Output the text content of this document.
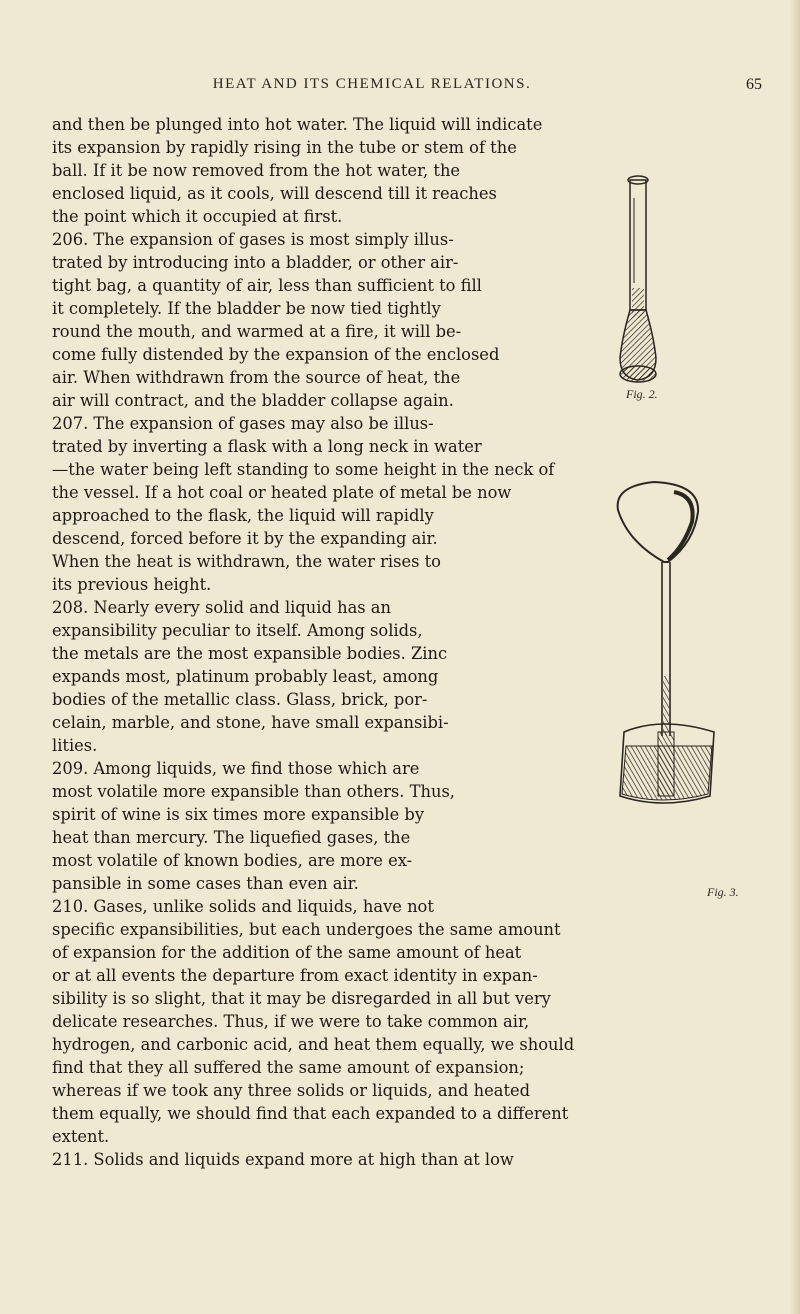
HEAT AND ITS CHEMICAL RELATIONS.	65
and then be plunged into hot water. The liquid will indicate
its expansion by rapidly rising in the tube or stem of the
ball. If it be now removed from the hot water, the
enclosed liquid, as it cools, will descend till it reaches
the point which it occupied at first.
206. The expansion of gases is most simply illus-
trated by introducing into a bladder, or other air-
tight bag, a quantity of air, less than sufficient to fill
it completely. If the bladder be now tied tightly
round the mouth, and warmed at a fire, it will be-
come fully distended by the expansion of the enclosed
air. When withdrawn from the source of heat, the
air will contract, and the bladder collapse again.
207. The expansion of gases may also be illus-
trated by inverting a flask with a long neck in water
—the water being left standing to some height in the neck of
the vessel. If a hot coal or heated plate of metal be now
approached to the flask, the liquid will rapidly
descend, forced before it by the expanding air.
When the heat is withdrawn, the water rises to
its previous height.
208. Nearly every solid and liquid has an
expansibility peculiar to itself. Among solids,
the metals are the most expansible bodies. Zinc
expands most, platinum probably least, among
bodies of the metallic class. Glass, brick, por-
celain, marble, and stone, have small expansibi-
lities.
209. Among liquids, we find those which are
most volatile more expansible than others. Thus,
spirit of wine is six times more expansible by
heat than mercury. The liquefied gases, the
most volatile of known bodies, are more ex-
pansible in some cases than even air.
210. Gases, unlike solids and liquids, have not
specific expansibilities, but each undergoes the same amount
of expansion for the addition of the same amount of heat
or at all events the departure from exact identity in expan-
sibility is so slight, that it may be disregarded in all but very
delicate researches. Thus, if we were to take common air,
hydrogen, and carbonic acid, and heat them equally, we should
find that they all suffered the same amount of expansion;
whereas if we took any three solids or liquids, and heated
them equally, we should find that each expanded to a different
extent.
211. Solids and liquids expand more at high than at low
Fig. 2.
Fig. 3.
